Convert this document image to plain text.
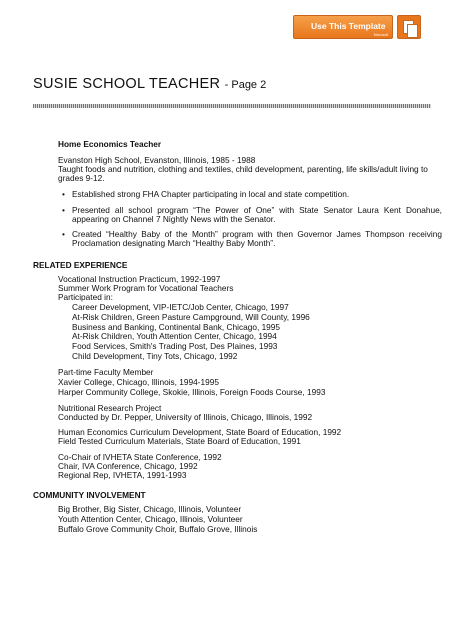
Use This Template
Microsoft
SUSIE SCHOOL TEACHER - Page 2
Home Economics Teacher
Evanston High School, Evanston, Illinois, 1985 - 1988
Taught foods and nutrition, clothing and textiles, child development, parenting, life skills/adult living to
grades 9-12.
• Established strong FHA Chapter participating in local and state competition.

• Presented all school program “The Power of One” with State Senator Laura Kent Donahue, appearing on Channel 7 Nightly News with the Senator.

• Created “Healthy Baby of the Month” program with then Governor James Thompson receiving Proclamation designating March “Healthy Baby Month”.

RELATED EXPERIENCE
Vocational Instruction Practicum, 1992-1997
Summer Work Program for Vocational Teachers
Participated in:
Career Development, VIP-IETC/Job Center, Chicago, 1997
At-Risk Children, Green Pasture Campground, Will County, 1996
Business and Banking, Continental Bank, Chicago, 1995
At-Risk Children, Youth Attention Center, Chicago, 1994
Food Services, Smith's Trading Post, Des Plaines, 1993
Child Development, Tiny Tots, Chicago, 1992
Part-time Faculty Member
Xavier College, Chicago, Illinois, 1994-1995
Harper Community College, Skokie, Illinois, Foreign Foods Course, 1993
Nutritional Research Project
Conducted by Dr. Pepper, University of Illinois, Chicago, Illinois, 1992
Human Economics Curriculum Development, State Board of Education, 1992
Field Tested Curriculum Materials, State Board of Education, 1991
Co-Chair of IVHETA State Conference, 1992
Chair, IVA Conference, Chicago, 1992
Regional Rep, IVHETA, 1991-1993
COMMUNITY INVOLVEMENT
Big Brother, Big Sister, Chicago, Illinois, Volunteer
Youth Attention Center, Chicago, Illinois, Volunteer
Buffalo Grove Community Choir, Buffalo Grove, Illinois
